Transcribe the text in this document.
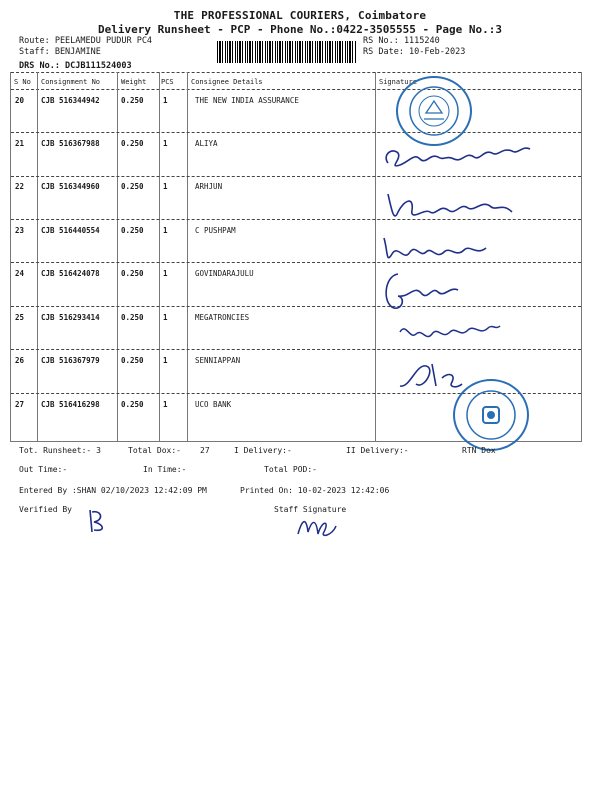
THE PROFESSIONAL COURIERS, Coimbatore
Delivery Runsheet - PCP - Phone No.:0422-3505555 - Page No.:3
Route: PEELAMEDU PUDUR PC4
Staff: BENJAMINE
DRS No.: DCJB111524003
RS No.: 1115240
RS Date: 10-Feb-2023
S No Consignment No	Weight PCS Consignee Details	Signature
20 CJB 516344942	0.250	1	THE NEW INDIA ASSURANCE
21 CJB 516367988	0.250	1	ALIYA
22 CJB 516344960	0.250	1	ARHJUN
23 CJB 516440554	0.250	1	C PUSHPAM
24 CJB 516424078	0.250	1	GOVINDARAJULU
25 CJB 516293414	0.250	1	MEGATRONCIES
26 CJB 516367979	0.250	1	SENNIAPPAN
27 CJB 516416298	0.250	1	UCO BANK
Tot. Runsheet:- 3	Total Dox:- 27	I Delivery:-	II Delivery:-	RTN Dox
Out Time:-	In Time:-	Total POD:-
Entered By :SHAN 02/10/2023 12:42:09 PM	Printed On: 10-02-2023 12:42:06
Verified By	Staff Signature
